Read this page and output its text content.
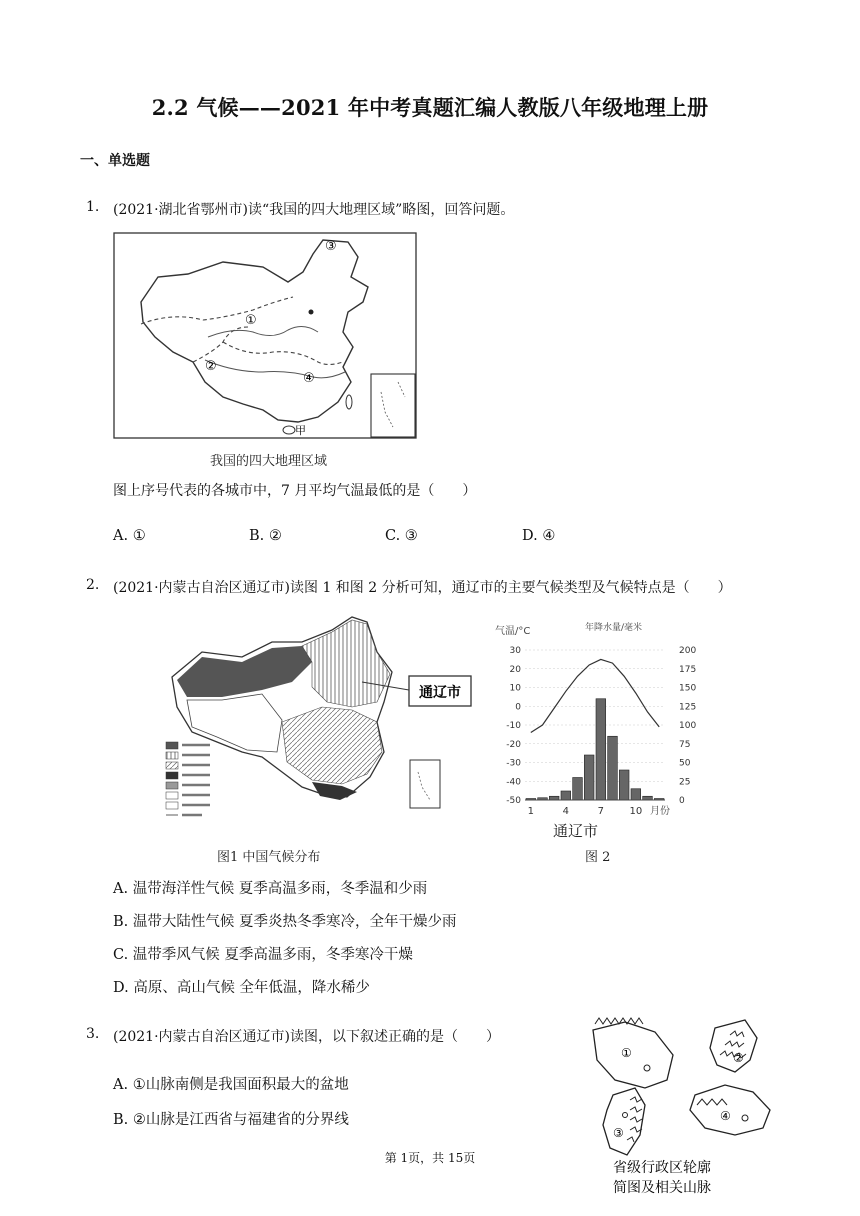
2.2 气候——2021 年中考真题汇编人教版八年级地理上册
一、单选题
1. (2021·湖北省鄂州市)读“我国的四大地理区域”略图，回答问题。
③
①
②
④
甲
我国的四大地理区域
图上序号代表的各城市中，7 月平均气温最低的是（　　）
A. ①	B. ②	C. ③	D. ④
2. (2021·内蒙古自治区通辽市)读图 1 和图 2 分析可知，通辽市的主要气候类型及气候特点是（　　）
通辽市
图1 中国气候分布
气温/°C	年降水量/毫米
30
20
10
0
-10
-20
-30
-40
-50
200
175
150
125
100
75
50
25
0
1	4	7	10 月份
通辽市
图 2
A. 温带海洋性气候 夏季高温多雨，冬季温和少雨
B. 温带大陆性气候 夏季炎热冬季寒冷，全年干燥少雨
C. 温带季风气候 夏季高温多雨，冬季寒冷干燥
D. 高原、高山气候 全年低温，降水稀少
3. (2021·内蒙古自治区通辽市)读图，以下叙述正确的是（　　）
A. ①山脉南侧是我国面积最大的盆地
B. ②山脉是江西省与福建省的分界线
①	②
③
④
省级行政区轮廓
简图及相关山脉
第 1页，共 15页
